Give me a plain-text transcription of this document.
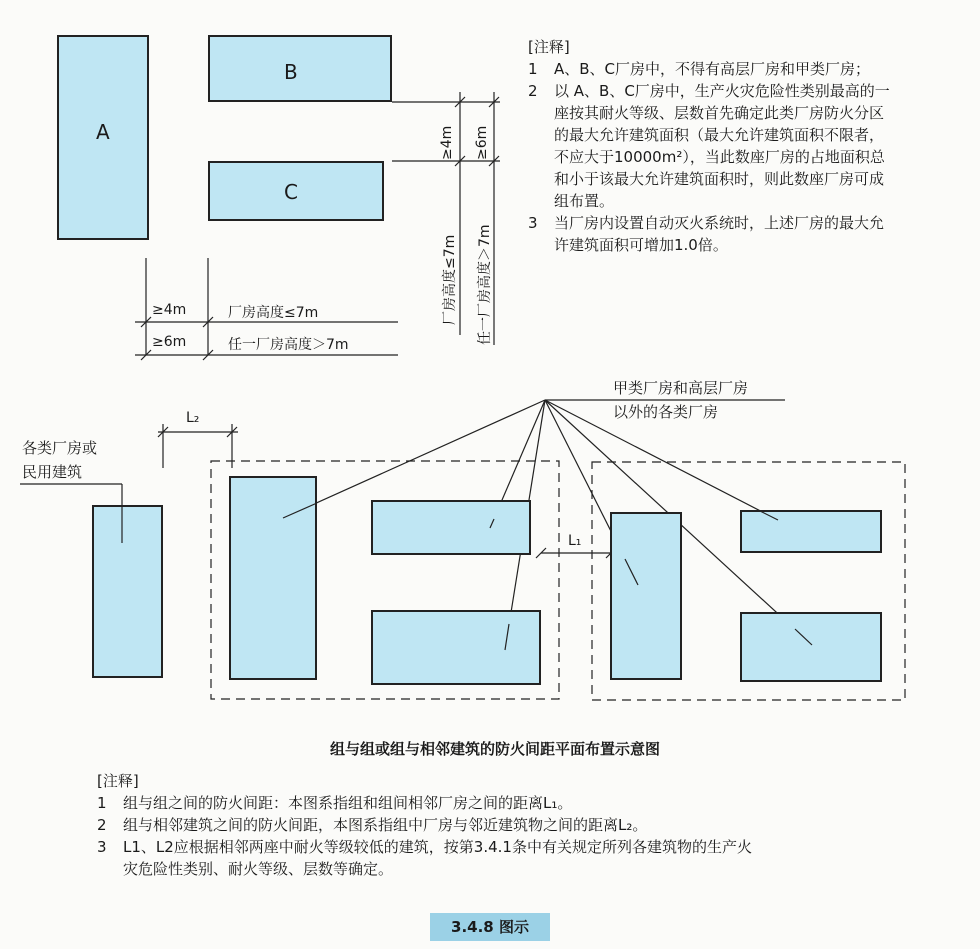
A
B
C
≥4m	厂房高度≤7m
≥6m	任一厂房高度＞7m
≥4m ≥6m
厂房高度≤7m 任一厂房高度＞7m
[注释]
1 A、B、C厂房中，不得有高层厂房和甲类厂房；
2 以 A、B、C厂房中，生产火灾危险性类别最高的一
座按其耐火等级、层数首先确定此类厂房防火分区
的最大允许建筑面积（最大允许建筑面积不限者，
不应大于10000m²），当此数座厂房的占地面积总
和小于该最大允许建筑面积时，则此数座厂房可成
组布置。
3 当厂房内设置自动灭火系统时，上述厂房的最大允
许建筑面积可增加1.0倍。
甲类厂房和高层厂房
以外的各类厂房
各类厂房或
民用建筑
L₂
L₁
组与组或组与相邻建筑的防火间距平面布置示意图
[注释]
1 组与组之间的防火间距：本图系指组和组间相邻厂房之间的距离L₁。
2 组与相邻建筑之间的防火间距，本图系指组中厂房与邻近建筑物之间的距离L₂。
3 L1、L2应根据相邻两座中耐火等级较低的建筑，按第3.4.1条中有关规定所列各建筑物的生产火
灾危险性类别、耐火等级、层数等确定。
3.4.8 图示
